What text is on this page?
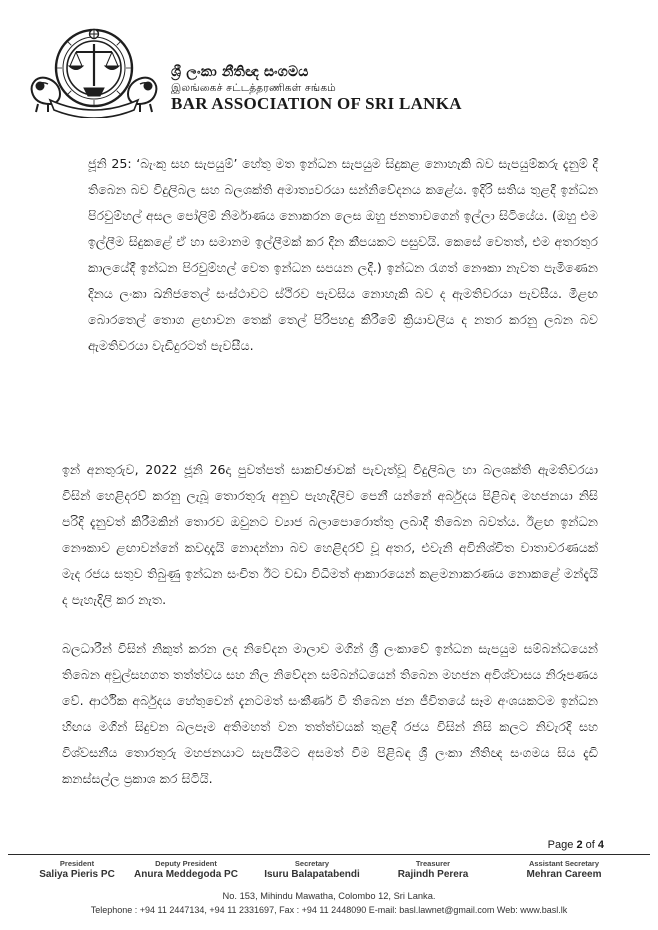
ශ්‍රී ලංකා නීතිඥ සංගමය
இலங்கைச் சட்டத்தரணிகள் சங்கம்
BAR ASSOCIATION OF SRI LANKA

ජූනි 25: ‘බැංකු සහ සැපයුම්’ හේතු මත ඉන්ධන සැපයුම සිදුකළ නොහැකි බව සැපයුම්කරු දැනුම් දී තිබෙන බව විදුලිබල සහ බලශක්ති අමාත්‍යවරයා සන්නිවේදනය කළේය. ඉදිරි සතිය තුළදී ඉන්ධන පිරවුම්හල් අසල පෝලිම් නිර්මාණය නොකරන ලෙස ඔහු ජනතාවගෙන් ඉල්ලා සිටියේය. (ඔහු එම ඉල්ලීම සිදුකළේ ඒ හා සමානම ඉල්ලීමක් කර දින කීපයකට පසුවයි. කෙසේ වෙතත්, එම අතරතුර කාලයේදී ඉන්ධන පිරවුම්හල් වෙත ඉන්ධන සපයන ලදී.) ඉන්ධන රැගත් නෞකා නැවත පැමිණෙන දිනය ලංකා ඛනිජතෙල් සංස්ථාවට ස්ථිරව පැවසිය නොහැකි බව ද ඇමතිවරයා පැවසීය. මීළඟ බොරතෙල් තොග ළඟාවන තෙක් තෙල් පිරිපහදු කිරීමේ ක්‍රියාවලිය ද නතර කරනු ලබන බව ඇමතිවරයා වැඩිදුරටත් පැවසීය.

ඉන් අනතුරුව, 2022 ජූනි 26දා පුවත්පත් සාකච්ඡාවක් පැවැත්වූ විදුලිබල හා බලශක්ති ඇමතිවරයා විසින් හෙළිදරව් කරනු ලැබූ තොරතුරු අනුව පැහැදිලිව පෙනී යන්නේ අර්බුදය පිළිබඳ මහජනයා නිසි පරිදි දැනුවත් කිරීමකින් තොරව ඔවුනට ව්‍යාජ බලාපොරොත්තු ලබාදී තිබෙන බවත්ය. ඊළඟ ඉන්ධන නෞකාව ළඟාවන්නේ කවදාදැයි නොදන්නා බව හෙළිදරව් වූ අතර, එවැනි අවිනිශ්චිත වාතාවරණයක් මැද රජය සතුව තිබුණු ඉන්ධන සංචිත ඊට වඩා විධිමත් ආකාරයෙන් කළමනාකරණය නොකළේ මන්දැයි ද පැහැදිලි කර නැත.

බලධාරීන් විසින් නිකුත් කරන ලද නිවේදන මාලාව මගින් ශ්‍රී ලංකාවේ ඉන්ධන සැපයුම සම්බන්ධයෙන් තිබෙන අවුල්සහගත තත්ත්වය සහ නිල නිවේදන සම්බන්ධයෙන් තිබෙන මහජන අවිශ්වාසය නිරූපණය වේ. ආර්ථික අර්බුදය හේතුවෙන් දැනටමත් සංකීර්ණ වී තිබෙන ජන ජීවිතයේ සෑම අංශයකටම ඉන්ධන හිඟය මගින් සිදුවන බලපෑම අතිමහත් වන තත්ත්වයක් තුළදී රජය විසින් නිසි කලට නිවැරදි සහ විශ්වසනීය තොරතුරු මහජනයාට සැපයීමට අසමත් වීම පිළිබඳ ශ්‍රී ලංකා නීතිඥ සංගමය සිය දැඩි කනස්සල්ල ප්‍රකාශ කර සිටියි.

Page 2 of 4
President
Saliya Pieris PC
Deputy President
Anura Meddegoda PC
Secretary
Isuru Balapatabendi
Treasurer
Rajindh Perera
Assistant Secretary
Mehran Careem
No. 153, Mihindu Mawatha, Colombo 12, Sri Lanka.
Telephone : +94 11 2447134, +94 11 2331697, Fax : +94 11 2448090 E-mail: basl.lawnet@gmail.com Web: www.basl.lk
